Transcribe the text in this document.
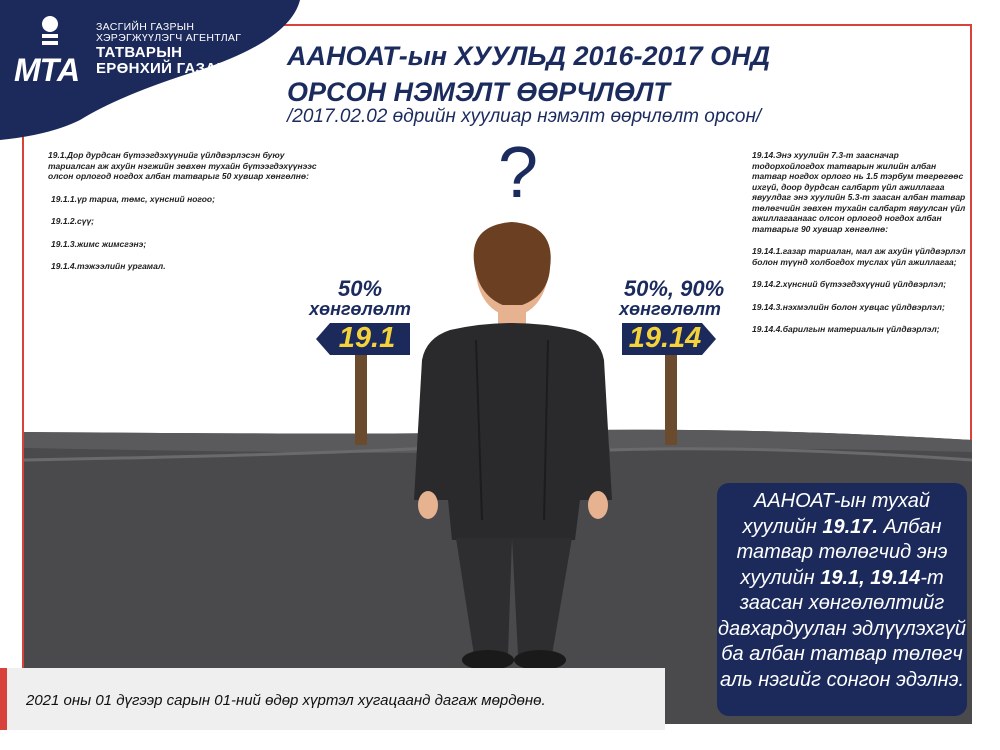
МТА
ЗАСГИЙН ГАЗРЫН
ХЭРЭГЖҮҮЛЭГЧ АГЕНТЛАГ
ТАТВАРЫН
ЕРӨНХИЙ ГАЗАР	ААНОАТ-ын ХУУЛЬД 2016-2017 ОНД
ОРСОН НЭМЭЛТ ӨӨРЧЛӨЛТ
/2017.02.02 өдрийн хуулиар нэмэлт өөрчлөлт орсон/
?
19.1.Дор дурдсан бүтээгдэхүүнийг үйлдвэрлэсэн буюу тариалсан аж ахуйн нэгжийн зөвхөн тухайн бүтээгдэхүүнээс олсон орлогод ногдох албан татварыг 50 хувиар хөнгөлнө:
19.1.1.үр тариа, төмс, хүнсний ногоо;
19.1.2.сүү;
19.1.3.жимс жимсгэнэ;
19.1.4.тэжээлийн ургамал.
19.14.Энэ хуулийн 7.3-т заасначар тодорхойлогдох татварын жилийн албан татвар ногдох орлого нь 1.5 тэрбум төгрөгөөс ихгүй, доор дурдсан салбарт үйл ажиллагаа явуулдаг энэ хуулийн 5.3-т заасан албан татвар төлөгчийн зөвхөн тухайн салбарт явуулсан үйл ажиллагаанаас олсон орлогод ногдох албан татварыг 90 хувиар хөнгөлнө:
19.14.1.газар тариалан, мал аж ахуйн үйлдвэрлэл болон түүнд холбогдох туслах үйл ажиллагаа;
19.14.2.хүнсний бүтээгдэхүүний үйлдвэрлэл;
19.14.3.нэхмэлийн болон хувцас үйлдвэрлэл;
19.14.4.барилгын материалын үйлдвэрлэл;
50%
хөнгөлөлт
19.1
50%, 90%
хөнгөлөлт
19.14
ААНОАТ-ын тухай хуулийн 19.17. Албан татвар төлөгчид энэ хуулийн 19.1, 19.14-т заасан хөнгөлөлтийг давхардуулан эдлүүлэхгүй ба албан татвар төлөгч аль нэгийг сонгон эдэлнэ.
2021 оны 01 дүгээр сарын 01-ний өдөр хүртэл хугацаанд дагаж мөрдөнө.
